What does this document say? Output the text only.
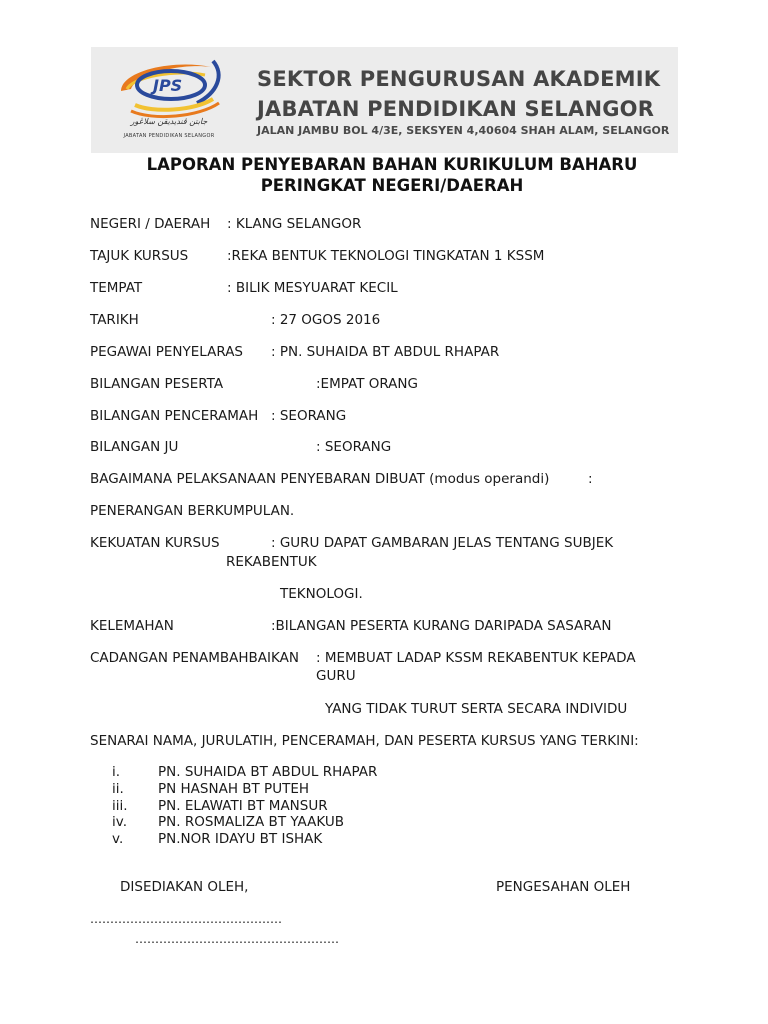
JPS
جابتن ڤنديديقن سلاڠور
JABATAN PENDIDIKAN SELANGOR
SEKTOR PENGURUSAN AKADEMIK
JABATAN PENDIDIKAN SELANGOR
JALAN JAMBU BOL 4/3E, SEKSYEN 4,40604 SHAH ALAM, SELANGOR
LAPORAN PENYEBARAN BAHAN KURIKULUM BAHARU
PERINGKAT NEGERI/DAERAH
NEGERI / DAERAH : KLANG SELANGOR
TAJUK KURSUS	:REKA BENTUK TEKNOLOGI TINGKATAN 1 KSSM
TEMPAT	: BILIK MESYUARAT KECIL
TARIKH	: 27 OGOS 2016
PEGAWAI PENYELARAS : PN. SUHAIDA BT ABDUL RHAPAR
BILANGAN PESERTA	:EMPAT ORANG
BILANGAN PENCERAMAH : SEORANG
BILANGAN JU	: SEORANG
BAGAIMANA PELAKSANAAN PENYEBARAN DIBUAT (modus operandi)	:
PENERANGAN BERKUMPULAN.
KEKUATAN KURSUS	: GURU DAPAT GAMBARAN JELAS TENTANG SUBJEK
REKABENTUK
TEKNOLOGI.
KELEMAHAN	:BILANGAN PESERTA KURANG DARIPADA SASARAN
CADANGAN PENAMBAHBAIKAN : MEMBUAT LADAP KSSM REKABENTUK KEPADA
GURU
YANG TIDAK TURUT SERTA SECARA INDIVIDU
SENARAI NAMA, JURULATIH, PENCERAMAH, DAN PESERTA KURSUS YANG TERKINI:
i.	PN. SUHAIDA BT ABDUL RHAPAR
ii.	PN HASNAH BT PUTEH
iii. PN. ELAWATI BT MANSUR
iv. PN. ROSMALIZA BT YAAKUB
v.	PN.NOR IDAYU BT ISHAK
DISEDIAKAN OLEH,	PENGESAHAN OLEH
…………………………………………
……………………………………………
